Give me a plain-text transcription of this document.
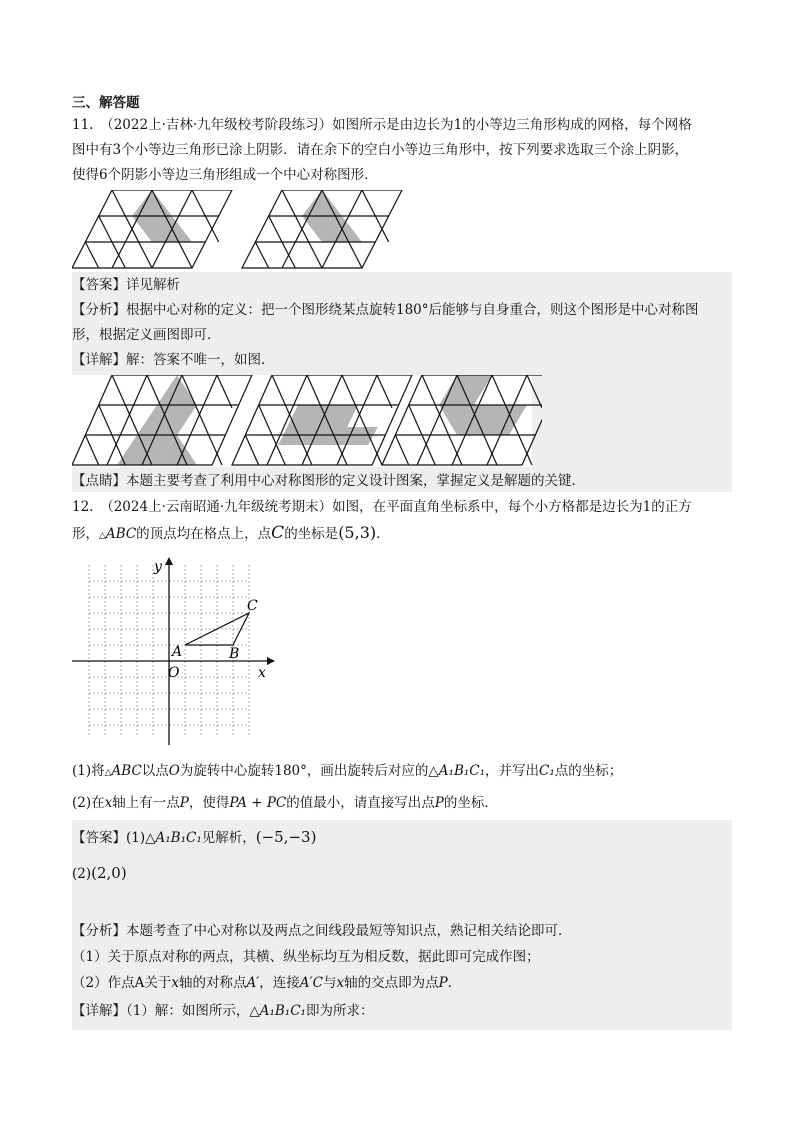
三、解答题
11.　（2022上·吉林·九年级校考阶段练习）如图所示是由边长为1的小等边三角形构成的网格，每个网格
图中有3个小等边三角形已涂上阴影．请在余下的空白小等边三角形中，按下列要求选取三个涂上阴影，
使得6个阴影小等边三角形组成一个中心对称图形．
【答案】详见解析
【分析】根据中心对称的定义：把一个图形绕某点旋转180°后能够与自身重合，则这个图形是中心对称图
形，根据定义画图即可．
【详解】解：答案不唯一，如图．
【点睛】本题主要考查了利用中心对称图形的定义设计图案，掌握定义是解题的关键．
12.　（2024上·云南昭通·九年级统考期末）如图，在平面直角坐标系中，每个小方格都是边长为1的正方
形，△ABC的顶点均在格点上，点C的坐标是(5,3)．
x
y
O
A	B
C
(1)将△ABC以点O为旋转中心旋转180°，画出旋转后对应的△A₁B₁C₁，并写出C₁点的坐标；
(2)在x轴上有一点P，使得PA + PC的值最小，请直接写出点P的坐标．
【答案】(1)△A₁B₁C₁见解析，(−5,−3)
(2)(2,0)
【分析】本题考查了中心对称以及两点之间线段最短等知识点，熟记相关结论即可．
（1）关于原点对称的两点，其横、纵坐标均互为相反数，据此即可完成作图；
（2）作点A关于x轴的对称点A′，连接A′C与x轴的交点即为点P．
【详解】（1）解：如图所示，△A₁B₁C₁即为所求：
